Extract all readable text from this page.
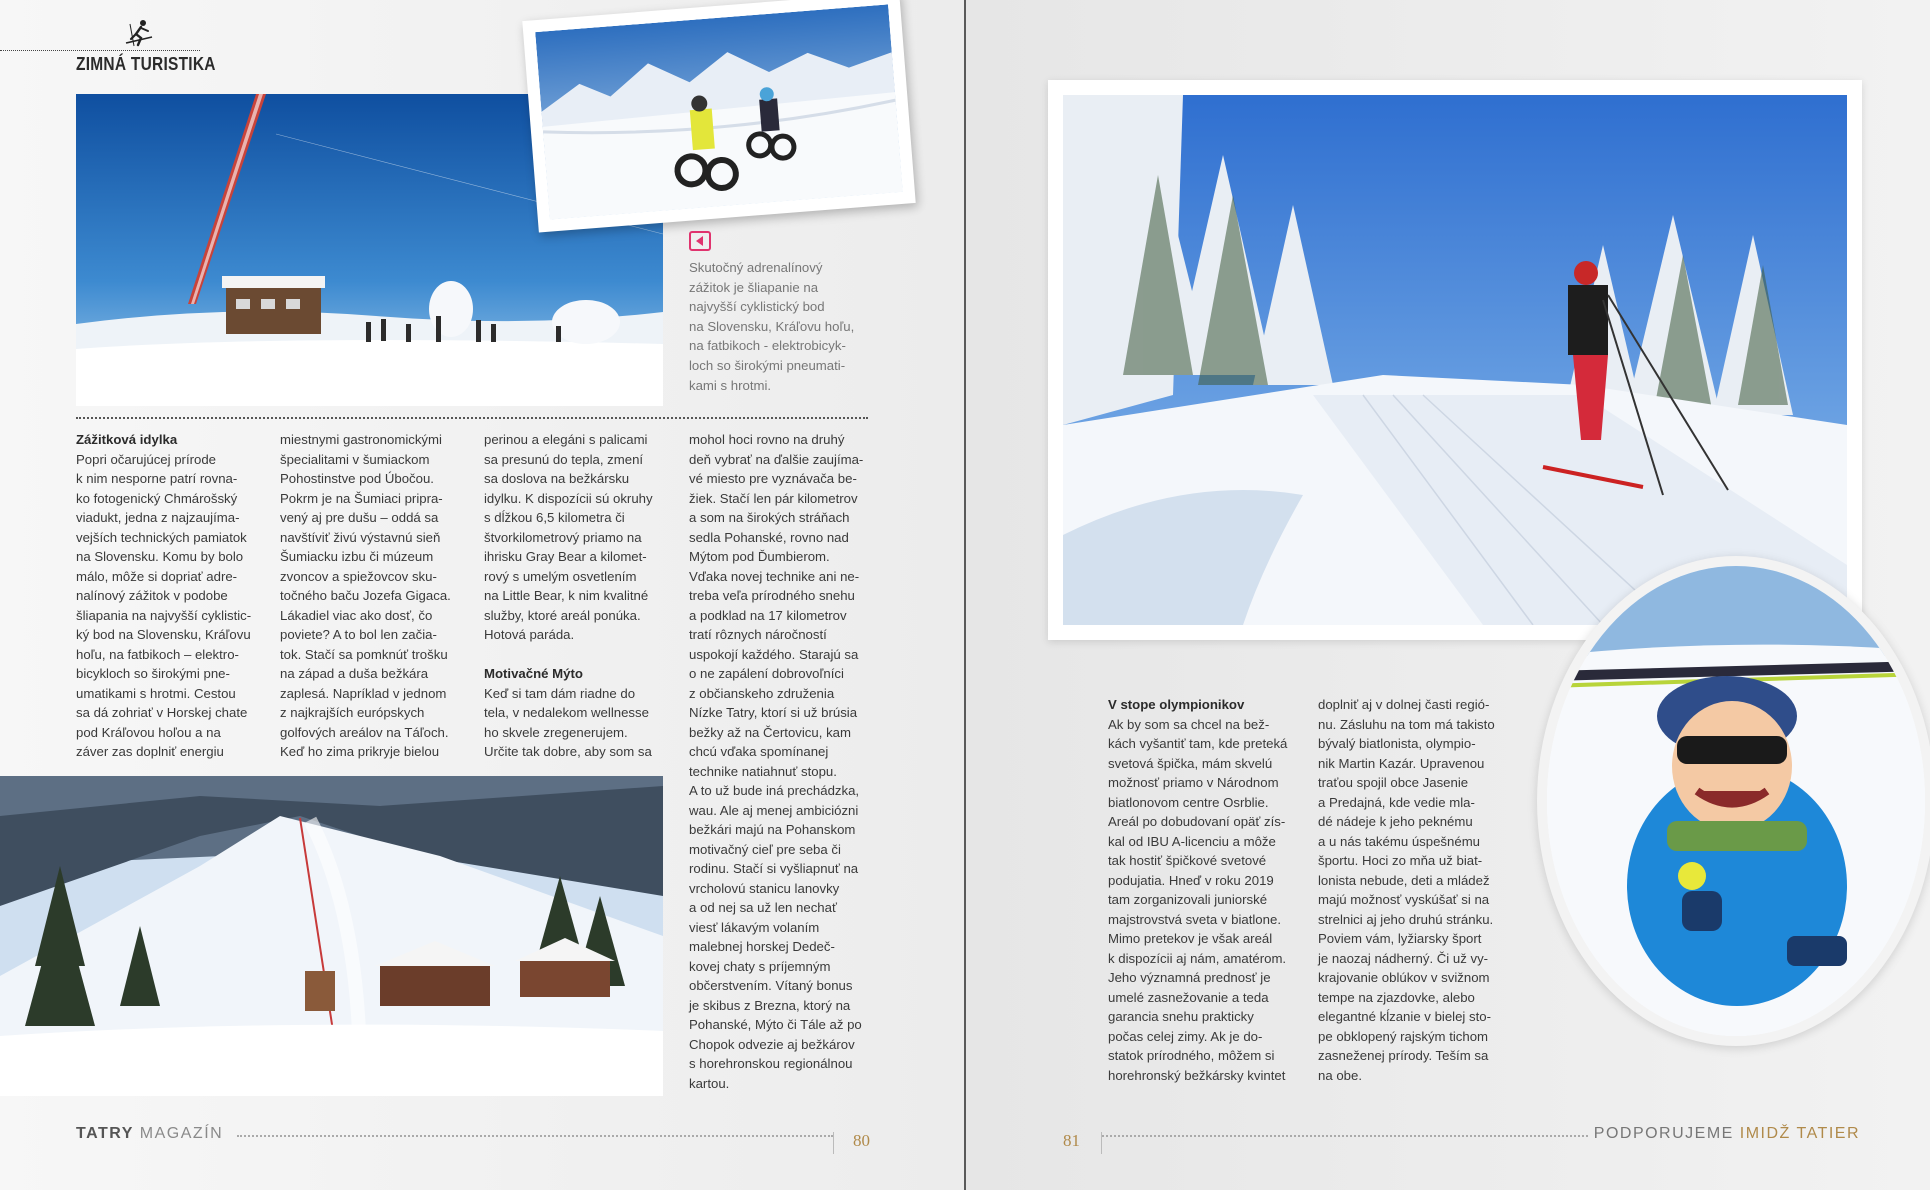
ZIMNÁ TURISTIKA
Skutočný adrenalínový
zážitok je šliapanie na
najvyšší cyklistický bod
na Slovensku, Kráľovu hoľu,
na fatbikoch - elektrobicyk-
loch so širokými pneumati-
kami s hrotmi.

Zážitková idylka

Popri očarujúcej prírode

k nim nesporne patrí rovna-

ko fotogenický Chmárošský

viadukt, jedna z najzaujíma-

vejších technických pamiatok

na Slovensku. Komu by bolo

málo, môže si dopriať adre-

nalínový zážitok v podobe

šliapania na najvyšší cyklistic-

ký bod na Slovensku, Kráľovu

hoľu, na fatbikoch – elektro-

bicykloch so širokými pne-

umatikami s hrotmi. Cestou

sa dá zohriať v Horskej chate

pod Kráľovou hoľou a na

záver zas doplniť energiu

miestnymi gastronomickými

špecialitami v šumiackom

Pohostinstve pod Úbočou.

Pokrm je na Šumiaci pripra-

vený aj pre dušu – oddá sa

navštíviť živú výstavnú sieň

Šumiacku izbu či múzeum

zvoncov a spiežovcov sku-

točného baču Jozefa Gigaca.

Lákadiel viac ako dosť, čo

poviete? A to bol len začia-

tok. Stačí sa pomknúť trošku

na západ a duša bežkára

zaplesá. Napríklad v jednom

z najkrajších európskych

golfových areálov na Táľoch.

Keď ho zima prikryje bielou

perinou a elegáni s palicami

sa presunú do tepla, zmení

sa doslova na bežkársku

idylku. K dispozícii sú okruhy

s dĺžkou 6,5 kilometra či

štvorkilometrový priamo na

ihrisku Gray Bear a kilomet-

rový s umelým osvetlením

na Little Bear, k nim kvalitné

služby, ktoré areál ponúka.

Hotová paráda.

Motivačné Mýto

Keď si tam dám riadne do

tela, v nedalekom wellnesse

ho skvele zregenerujem.

Určite tak dobre, aby som sa

mohol hoci rovno na druhý

deň vybrať na ďalšie zaujíma-

vé miesto pre vyznávača be-

žiek. Stačí len pár kilometrov

a som na širokých stráňach

sedla Pohanské, rovno nad

Mýtom pod Ďumbierom.

Vďaka novej technike ani ne-

treba veľa prírodného snehu

a podklad na 17 kilometrov

tratí rôznych náročností

uspokojí každého. Starajú sa

o ne zapálení dobrovoľníci

z občianskeho združenia

Nízke Tatry, ktorí si už brúsia

bežky až na Čertovicu, kam

chcú vďaka spomínanej

technike natiahnuť stopu.

A to už bude iná prechádzka,

wau. Ale aj menej ambiciózni

bežkári majú na Pohanskom

motivačný cieľ pre seba či

rodinu. Stačí si vyšliapnuť na

vrcholovú stanicu lanovky

a od nej sa už len nechať

viesť lákavým volaním

malebnej horskej Dedeč-

kovej chaty s príjemným

občerstvením. Vítaný bonus

je skibus z Brezna, ktorý na

Pohanské, Mýto či Tále až po

Chopok odvezie aj bežkárov

s horehronskou regionálnou

kartou.

TATRY MAGAZÍN	80

V stope olympionikov

Ak by som sa chcel na bež-

kách vyšantiť tam, kde preteká

svetová špička, mám skvelú

možnosť priamo v Národnom

biatlonovom centre Osrblie.

Areál po dobudovaní opäť zís-

kal od IBU A-licenciu a môže

tak hostiť špičkové svetové

podujatia. Hneď v roku 2019

tam zorganizovali juniorské

majstrovstvá sveta v biatlone.

Mimo pretekov je však areál

k dispozícii aj nám, amatérom.

Jeho významná prednosť je

umelé zasnežovanie a teda

garancia snehu prakticky

počas celej zimy. Ak je do-

statok prírodného, môžem si

horehronský bežkársky kvintet

doplniť aj v dolnej časti regió-

nu. Zásluhu na tom má takisto

bývalý biatlonista, olympio-

nik Martin Kazár. Upravenou

traťou spojil obce Jasenie

a Predajná, kde vedie mla-

dé nádeje k jeho peknému

a u nás takému úspešnému

športu. Hoci zo mňa už biat-

lonista nebude, deti a mládež

majú možnosť vyskúšať si na

strelnici aj jeho druhú stránku.

Poviem vám, lyžiarsky šport

je naozaj nádherný. Či už vy-

krajovanie oblúkov v svižnom

tempe na zjazdovke, alebo

elegantné kĺzanie v bielej sto-

pe obklopený rajským tichom

zasneženej prírody. Teším sa

na obe.

81	PODPORUJEME IMIDŽ TATIER
